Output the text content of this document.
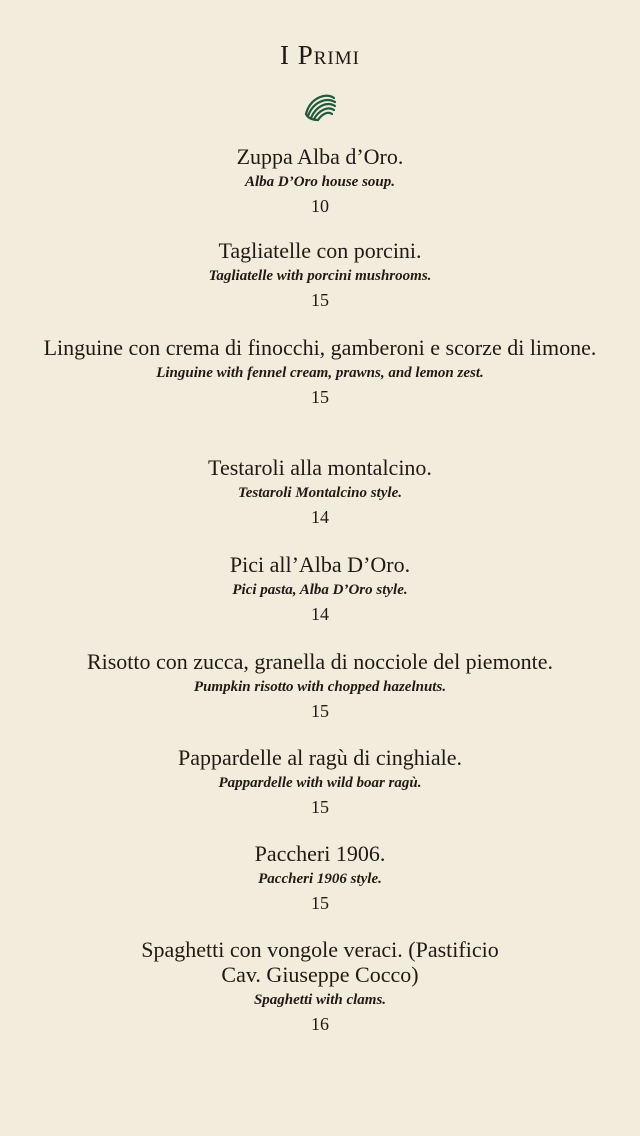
I Primi
Zuppa Alba d’Oro.
Alba D’Oro house soup.
10
Tagliatelle con porcini.
Tagliatelle with porcini mushrooms.
15
Linguine con crema di finocchi, gamberoni e scorze di limone.
Linguine with fennel cream, prawns, and lemon zest.
15
Testaroli alla montalcino.
Testaroli Montalcino style.
14
Pici all’Alba D’Oro.
Pici pasta, Alba D’Oro style.
14
Risotto con zucca, granella di nocciole del piemonte.
Pumpkin risotto with chopped hazelnuts.
15
Pappardelle al ragù di cinghiale.
Pappardelle with wild boar ragù.
15
Paccheri 1906.
Paccheri 1906 style.
15
Spaghetti con vongole veraci. (Pastificio Cav. Giuseppe Cocco)
Spaghetti with clams.
16
